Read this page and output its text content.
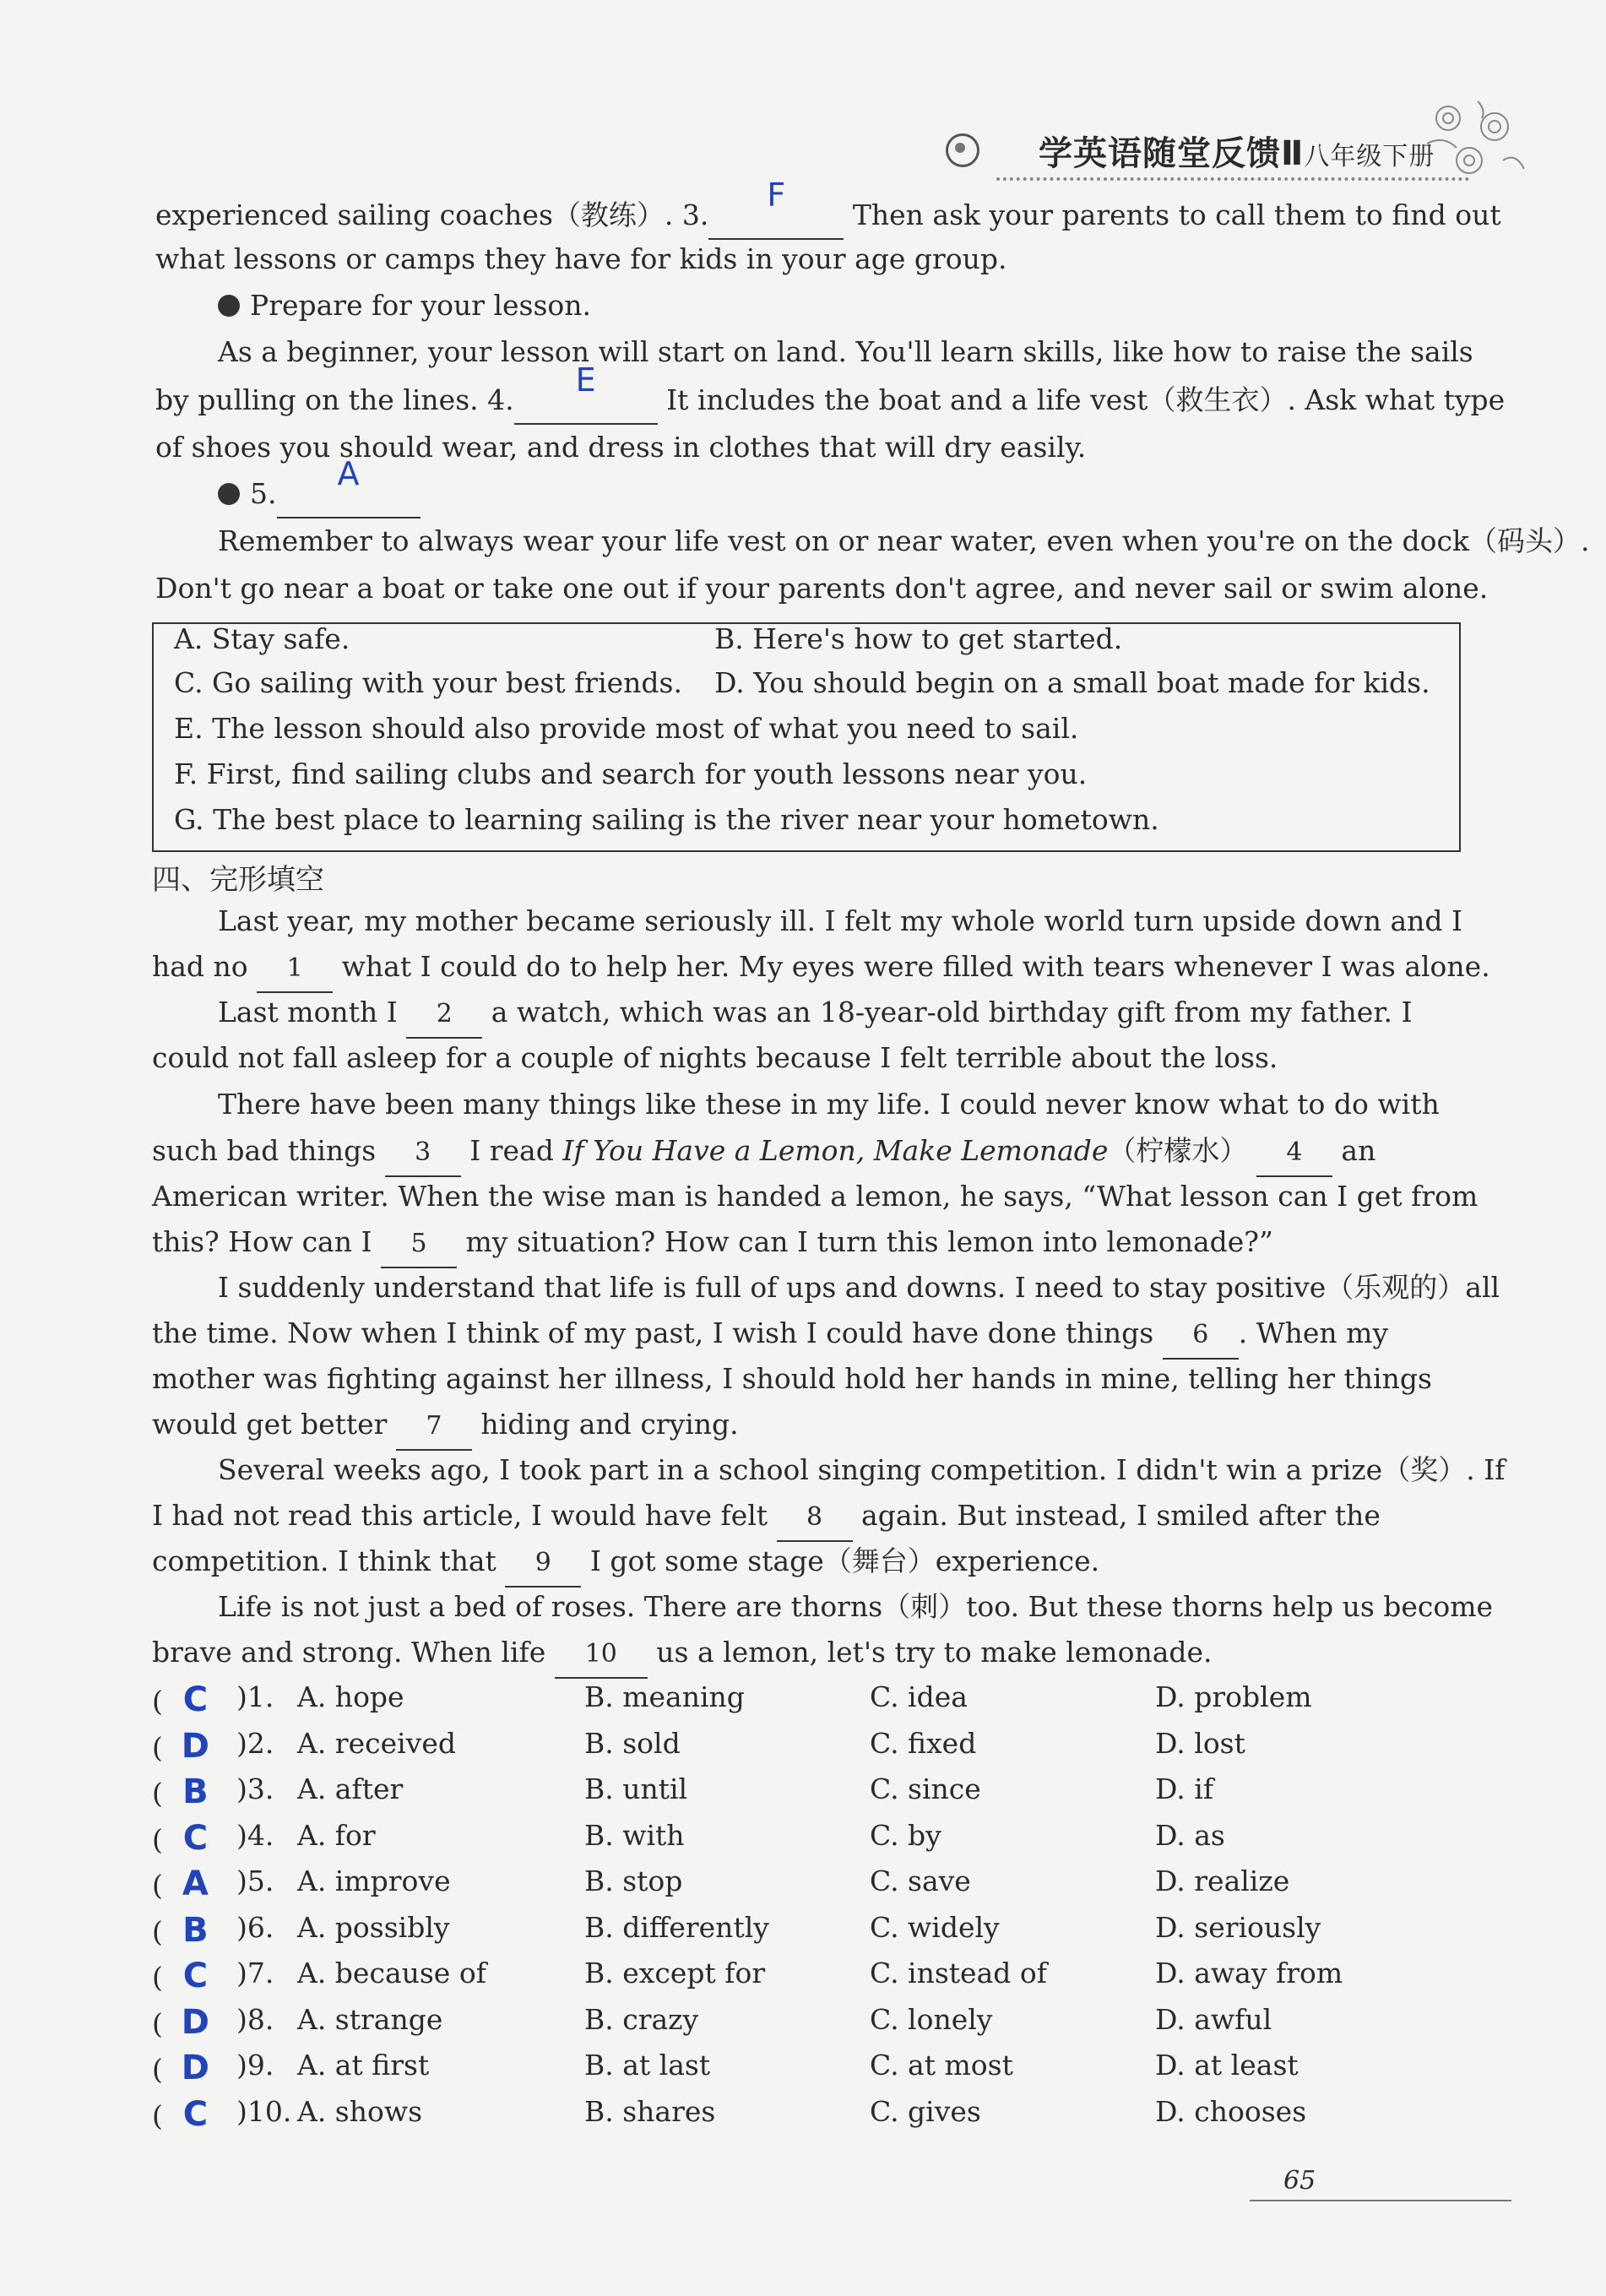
学英语随堂反馈Ⅱ八年级下册
experienced sailing coaches（教练）. 3.
F
Then ask your parents to call them to find out
what lessons or camps they have for kids in your age group.
Prepare for your lesson.
As a beginner, your lesson will start on land. You'll learn skills, like how to raise the sails
by pulling on the lines. 4.
E
It includes the boat and a life vest（救生衣）. Ask what type
of shoes you should wear, and dress in clothes that will dry easily.
5.
A

Remember to always wear your life vest on or near water, even when you're on the dock（码头）.
Don't go near a boat or take one out if your parents don't agree, and never sail or swim alone.
A. Stay safe.	B. Here's how to get started.
C. Go sailing with your best friends. D. You should begin on a small boat made for kids.
E. The lesson should also provide most of what you need to sail.
F. First, find sailing clubs and search for youth lessons near you.
G. The best place to learning sailing is the river near your hometown.
四、完形填空
Last year, my mother became seriously ill. I felt my whole world turn upside down and I
had no 1 what I could do to help her. My eyes were filled with tears whenever I was alone.
Last month I 2 a watch, which was an 18-year-old birthday gift from my father. I
could not fall asleep for a couple of nights because I felt terrible about the loss.
There have been many things like these in my life. I could never know what to do with
such bad things 3 I read If You Have a Lemon, Make Lemonade（柠檬水） 4 an
American writer. When the wise man is handed a lemon, he says, “What lesson can I get from
this? How can I 5 my situation? How can I turn this lemon into lemonade?”
I suddenly understand that life is full of ups and downs. I need to stay positive（乐观的）all
the time. Now when I think of my past, I wish I could have done things 6 . When my
mother was fighting against her illness, I should hold her hands in mine, telling her things
would get better 7 hiding and crying.
Several weeks ago, I took part in a school singing competition. I didn't win a prize（奖）. If
I had not read this article, I would have felt 8 again. But instead, I smiled after the
competition. I think that 9 I got some stage（舞台）experience.
Life is not just a bed of roses. There are thorns（刺）too. But these thorns help us become
brave and strong. When life 10 us a lemon, let's try to make lemonade.
( C	)1. A. hope	B. meaning	C. idea	D. problem
( D )2. A. received	B. sold	C. fixed	D. lost
( B	)3. A. after	B. until	C. since	D. if
( C	)4. A. for	B. with	C. by	D. as
( A	)5. A. improve	B. stop	C. save	D. realize
( B	)6. A. possibly	B. differently	C. widely	D. seriously
( C	)7. A. because of	B. except for	C. instead of	D. away from
( D )8. A. strange	B. crazy	C. lonely	D. awful
( D )9. A. at first	B. at last	C. at most	D. at least
( C	)10. A. shows	B. shares	C. gives	D. chooses
65
